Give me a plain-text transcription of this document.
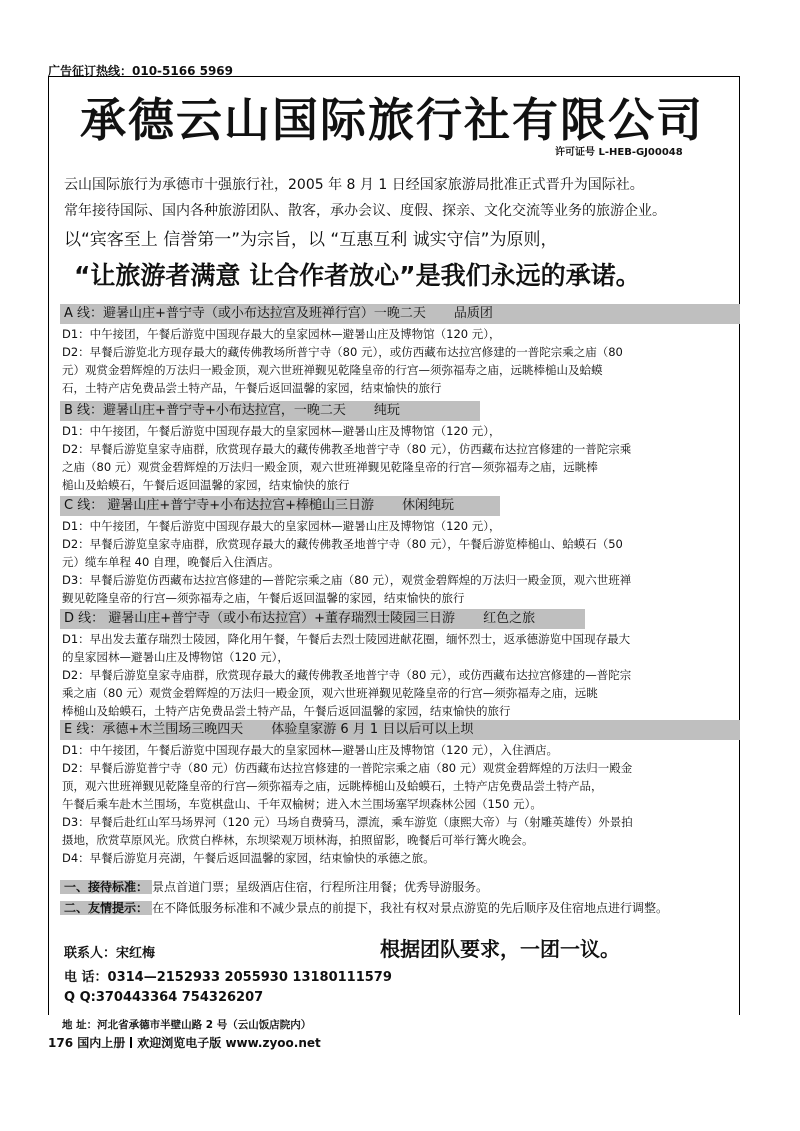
广告征订热线：010-5166 5969
承德云山国际旅行社有限公司
许可证号 L-HEB-GJ00048
云山国际旅行为承德市十强旅行社，2005 年 8 月 1 日经国家旅游局批准正式晋升为国际社。
常年接待国际、国内各种旅游团队、散客，承办会议、度假、探亲、文化交流等业务的旅游企业。
以“宾客至上 信誉第一”为宗旨，以 “互惠互利 诚实守信”为原则，
“让旅游者满意 让合作者放心”是我们永远的承诺。
A 线：避暑山庄+普宁寺（或小布达拉宫及班禅行宫）一晚二天 品质团

D1：中午接团，午餐后游览中国现存最大的皇家园林—避暑山庄及博物馆（120 元），

D2：早餐后游览北方现存最大的藏传佛教场所普宁寺（80 元），或仿西藏布达拉宫修建的一普陀宗乘之庙（80

元）观赏金碧辉煌的万法归一殿金顶，观六世班禅觐见乾隆皇帝的行宫—须弥福寿之庙，远眺棒槌山及蛤蟆

石，土特产店免费品尝土特产品，午餐后返回温馨的家园，结束愉快的旅行

B 线：避暑山庄+普宁寺+小布达拉宫，一晚二天 纯玩

D1：中午接团，午餐后游览中国现存最大的皇家园林—避暑山庄及博物馆（120 元），

D2：早餐后游览皇家寺庙群，欣赏现存最大的藏传佛教圣地普宁寺（80 元），仿西藏布达拉宫修建的一普陀宗乘

之庙（80 元）观赏金碧辉煌的万法归一殿金顶，观六世班禅觐见乾隆皇帝的行宫—须弥福寿之庙，远眺棒

槌山及蛤蟆石，午餐后返回温馨的家园，结束愉快的旅行

C 线： 避暑山庄+普宁寺+小布达拉宫+棒槌山三日游 休闲纯玩

D1：中午接团，午餐后游览中国现存最大的皇家园林—避暑山庄及博物馆（120 元），

D2：早餐后游览皇家寺庙群，欣赏现存最大的藏传佛教圣地普宁寺（80 元），午餐后游览棒槌山、蛤蟆石（50

元）缆车单程 40 自理，晚餐后入住酒店。

D3：早餐后游览仿西藏布达拉宫修建的—普陀宗乘之庙（80 元），观赏金碧辉煌的万法归一殿金顶，观六世班禅

觐见乾隆皇帝的行宫—须弥福寿之庙，午餐后返回温馨的家园，结束愉快的旅行

D 线： 避暑山庄+普宁寺（或小布达拉宫）+董存瑞烈士陵园三日游 红色之旅

D1：早出发去董存瑞烈士陵园，降化用午餐，午餐后去烈士陵园进献花圈，缅怀烈士，返承德游览中国现存最大

的皇家园林—避暑山庄及博物馆（120 元），

D2：早餐后游览皇家寺庙群，欣赏现存最大的藏传佛教圣地普宁寺（80 元），或仿西藏布达拉宫修建的—普陀宗

乘之庙（80 元）观赏金碧辉煌的万法归一殿金顶，观六世班禅觐见乾隆皇帝的行宫—须弥福寿之庙，远眺

棒槌山及蛤蟆石，土特产店免费品尝土特产品，午餐后返回温馨的家园，结束愉快的旅行

E 线：承德+木兰围场三晚四天 体验皇家游 6 月 1 日以后可以上坝

D1：中午接团，午餐后游览中国现存最大的皇家园林—避暑山庄及博物馆（120 元），入住酒店。

D2：早餐后游览普宁寺（80 元）仿西藏布达拉宫修建的一普陀宗乘之庙（80 元）观赏金碧辉煌的万法归一殿金

顶，观六世班禅觐见乾隆皇帝的行宫—须弥福寿之庙，远眺棒槌山及蛤蟆石，土特产店免费品尝土特产品，

午餐后乘车赴木兰围场，车览棋盘山、千年双榆树；进入木兰围场塞罕坝森林公园（150 元）。

D3：早餐后赴红山军马场界河（120 元）马场自费骑马，漂流，乘车游览（康熙大帝）与（射雕英雄传）外景拍

摄地，欣赏草原风光。欣赏白桦林，东坝梁观万顷林海，拍照留影，晚餐后可举行篝火晚会。

D4：早餐后游览月亮湖，午餐后返回温馨的家园，结束愉快的承德之旅。

一、接待标准： 景点首道门票；星级酒店住宿，行程所注用餐；优秀导游服务。
二、友情提示： 在不降低服务标准和不减少景点的前提下，我社有权对景点游览的先后顺序及住宿地点进行调整。
联系人：宋红梅
电 话：0314—2152933 2055930 13180111579
Q Q:370443364 754326207
根据团队要求，一团一议。
地 址：河北省承德市半壁山路 2 号（云山饭店院内）
176 国内上册 欢迎浏览电子版 www.zyoo.net
